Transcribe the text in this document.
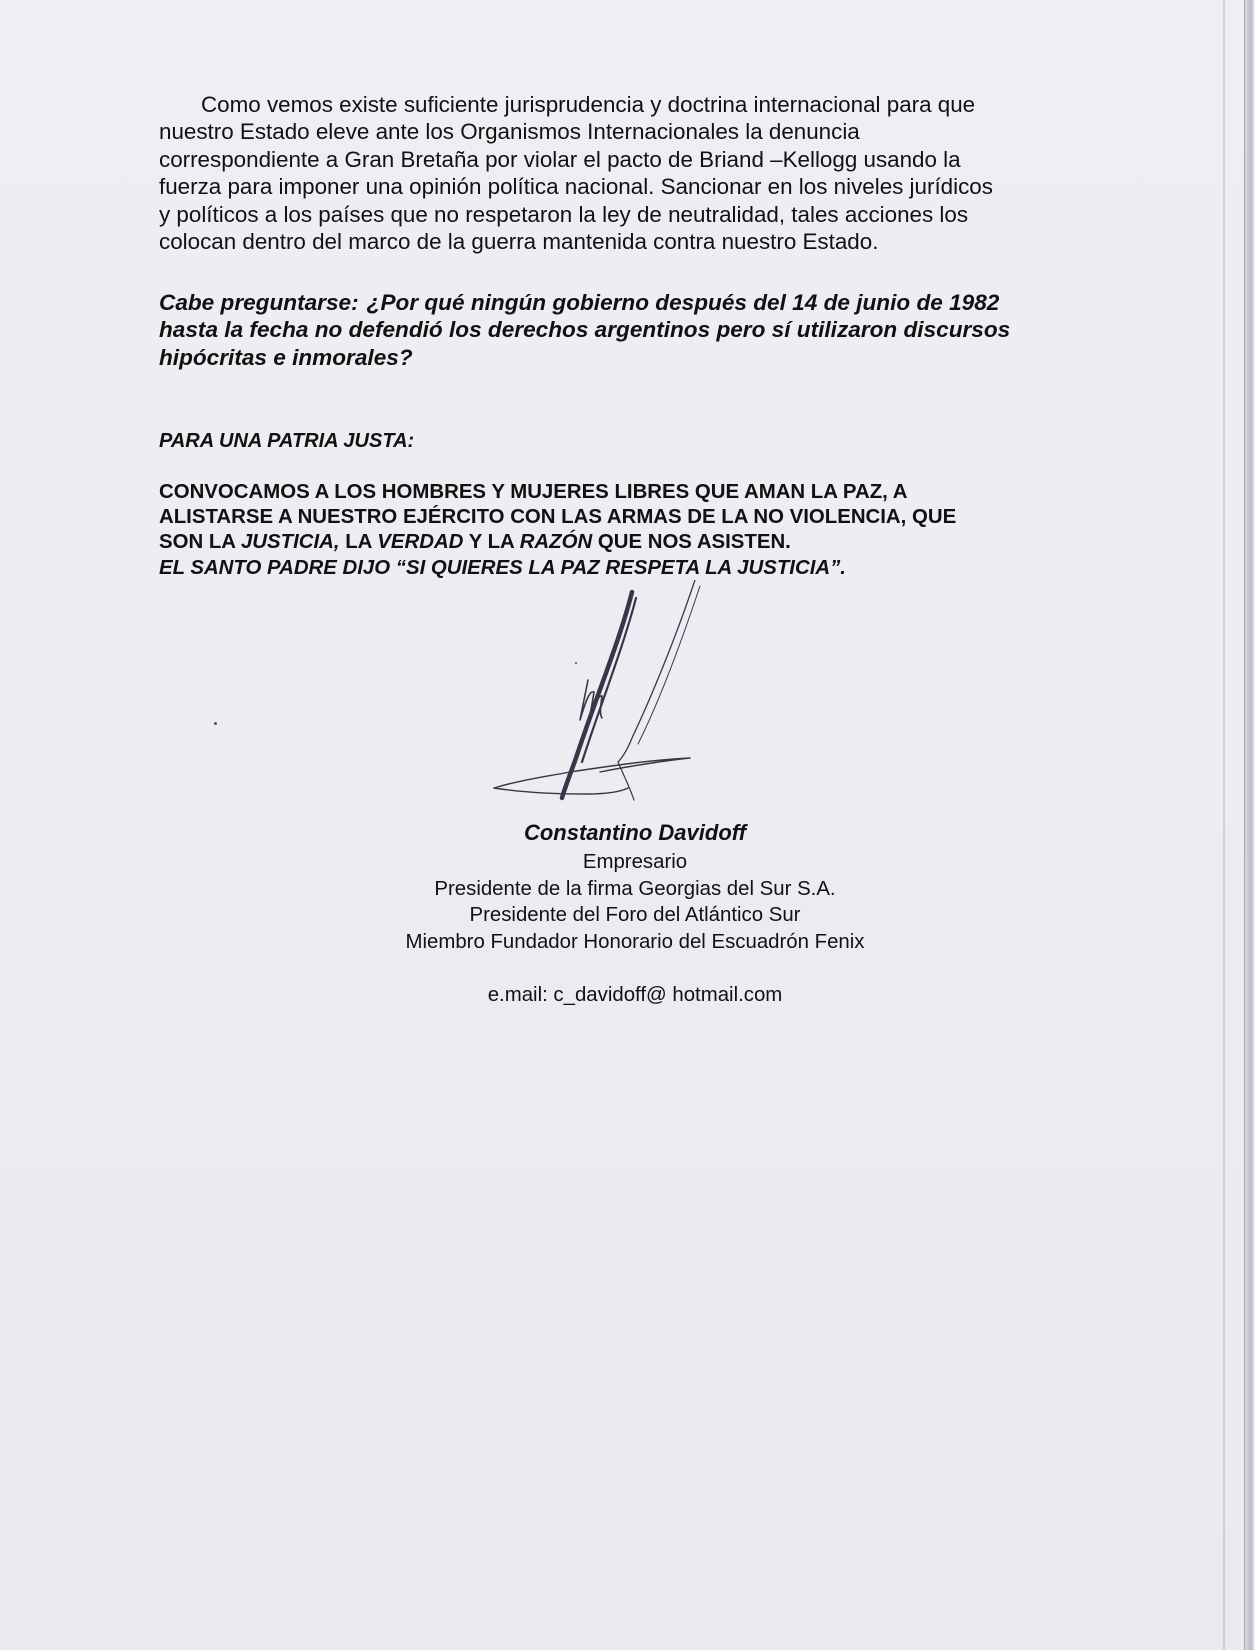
Como vemos existe suficiente jurisprudencia y doctrina internacional para que
nuestro Estado eleve ante los Organismos Internacionales la denuncia
correspondiente a Gran Bretaña por violar el pacto de Briand –Kellogg usando la
fuerza para imponer una opinión política nacional. Sancionar en los niveles jurídicos
y políticos a los países que no respetaron la ley de neutralidad, tales acciones los
colocan dentro del marco de la guerra mantenida contra nuestro Estado.
Cabe preguntarse: ¿Por qué ningún gobierno después del 14 de junio de 1982
hasta la fecha no defendió los derechos argentinos pero sí utilizaron discursos
hipócritas e inmorales?
PARA UNA PATRIA JUSTA:
CONVOCAMOS A LOS HOMBRES Y MUJERES LIBRES QUE AMAN LA PAZ, A
ALISTARSE A NUESTRO EJÉRCITO CON LAS ARMAS DE LA NO VIOLENCIA, QUE
SON LA JUSTICIA, LA VERDAD Y LA RAZÓN QUE NOS ASISTEN.
EL SANTO PADRE DIJO “SI QUIERES LA PAZ RESPETA LA JUSTICIA”.
Constantino Davidoff
Empresario
Presidente de la firma Georgias del Sur S.A.
Presidente del Foro del Atlántico Sur
Miembro Fundador Honorario del Escuadrón Fenix
e.mail: c_davidoff@ hotmail.com
